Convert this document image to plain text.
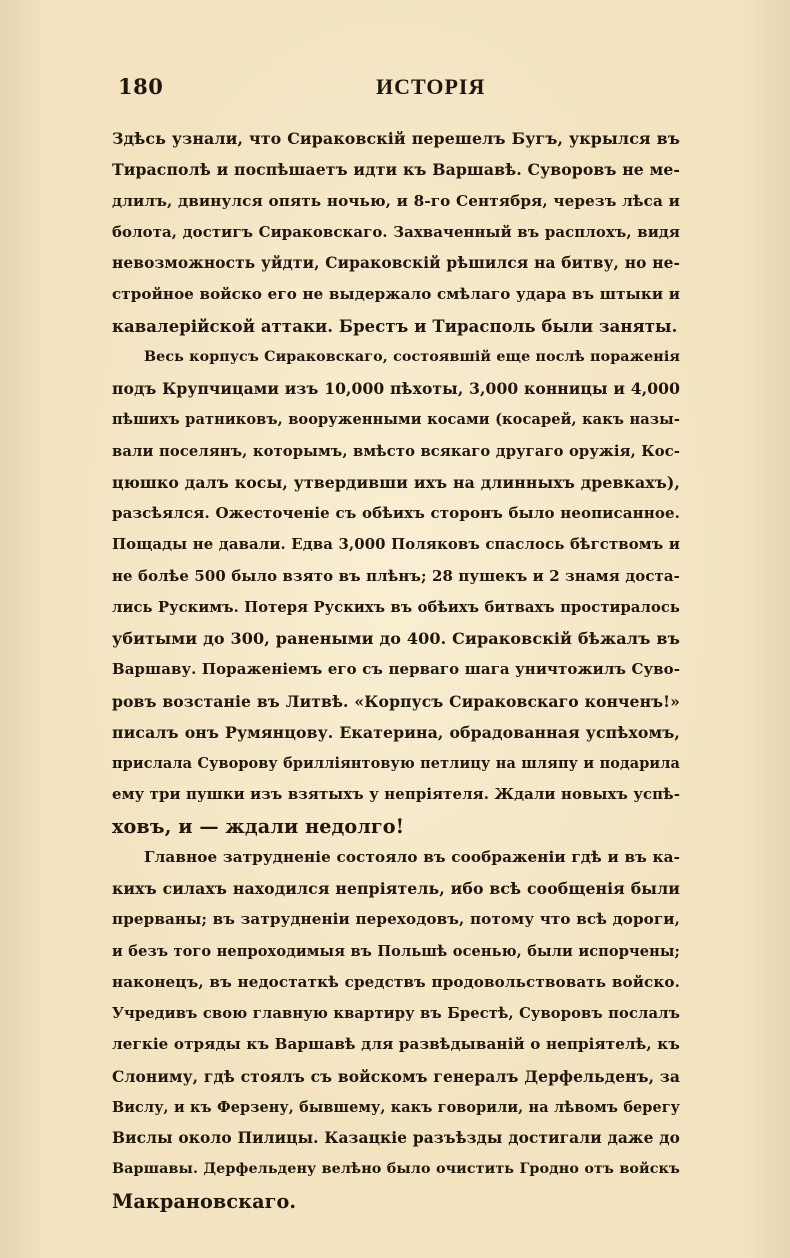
180	ИСТОРІЯ
Здѣсь узнали, что Сираковскій перешелъ Бугъ, укрылся въ
Тирасполѣ и поспѣшаетъ идти къ Варшавѣ. Суворовъ не ме-
длилъ, двинулся опять ночью, и 8-го Сентября, черезъ лѣса и
болота, достигъ Сираковскаго. Захваченный въ расплохъ, видя
невозможность уйдти, Сираковскій рѣшился на битву, но не-
стройное войско его не выдержало смѣлаго удара въ штыки и
кавалерійской аттаки. Брестъ и Тирасполь были заняты.
Весь корпусъ Сираковскаго, состоявшій еще послѣ пораженія
подъ Крупчицами изъ 10,000 пѣхоты, 3,000 конницы и 4,000
пѣшихъ ратниковъ, вооруженными косами (косарей, какъ назы-
вали поселянъ, которымъ, вмѣсто всякаго другаго оружія, Кос-
цюшко далъ косы, утвердивши ихъ на длинныхъ древкахъ),
разсѣялся. Ожесточеніе съ обѣихъ сторонъ было неописанное.
Пощады не давали. Едва 3,000 Поляковъ спаслось бѣгствомъ и
не болѣе 500 было взято въ плѣнъ; 28 пушекъ и 2 знамя доста-
лись Рускимъ. Потеря Рускихъ въ обѣихъ битвахъ простиралось
убитыми до 300, ранеными до 400. Сираковскій бѣжалъ въ
Варшаву. Пораженіемъ его съ перваго шага уничтожилъ Суво-
ровъ возстаніе въ Литвѣ. «Корпусъ Сираковскаго конченъ!»
писалъ онъ Румянцову. Екатерина, обрадованная успѣхомъ,
прислала Суворову бриллiянтовую петлицу на шляпу и подарила
ему три пушки изъ взятыхъ у непріятеля. Ждали новыхъ успѣ-
ховъ, и — ждали недолго!
Главное затрудненіе состояло въ соображеніи гдѣ и въ ка-
кихъ силахъ находился непріятель, ибо всѣ сообщенія были
прерваны; въ затрудненіи переходовъ, потому что всѣ дороги,
и безъ того непроходимыя въ Польшѣ осенью, были испорчены;
наконецъ, въ недостаткѣ средствъ продовольствовать войско.
Учредивъ свою главную квартиру въ Брестѣ, Суворовъ послалъ
легкіе отряды къ Варшавѣ для развѣдываній о непріятелѣ, къ
Слониму, гдѣ стоялъ съ войскомъ генералъ Дерфельденъ, за
Вислу, и къ Ферзену, бывшему, какъ говорили, на лѣвомъ берегу
Вислы около Пилицы. Казацкіе разъѣзды достигали даже до
Варшавы. Дерфельдену велѣно было очистить Гродно отъ войскъ
Макрановскаго.
